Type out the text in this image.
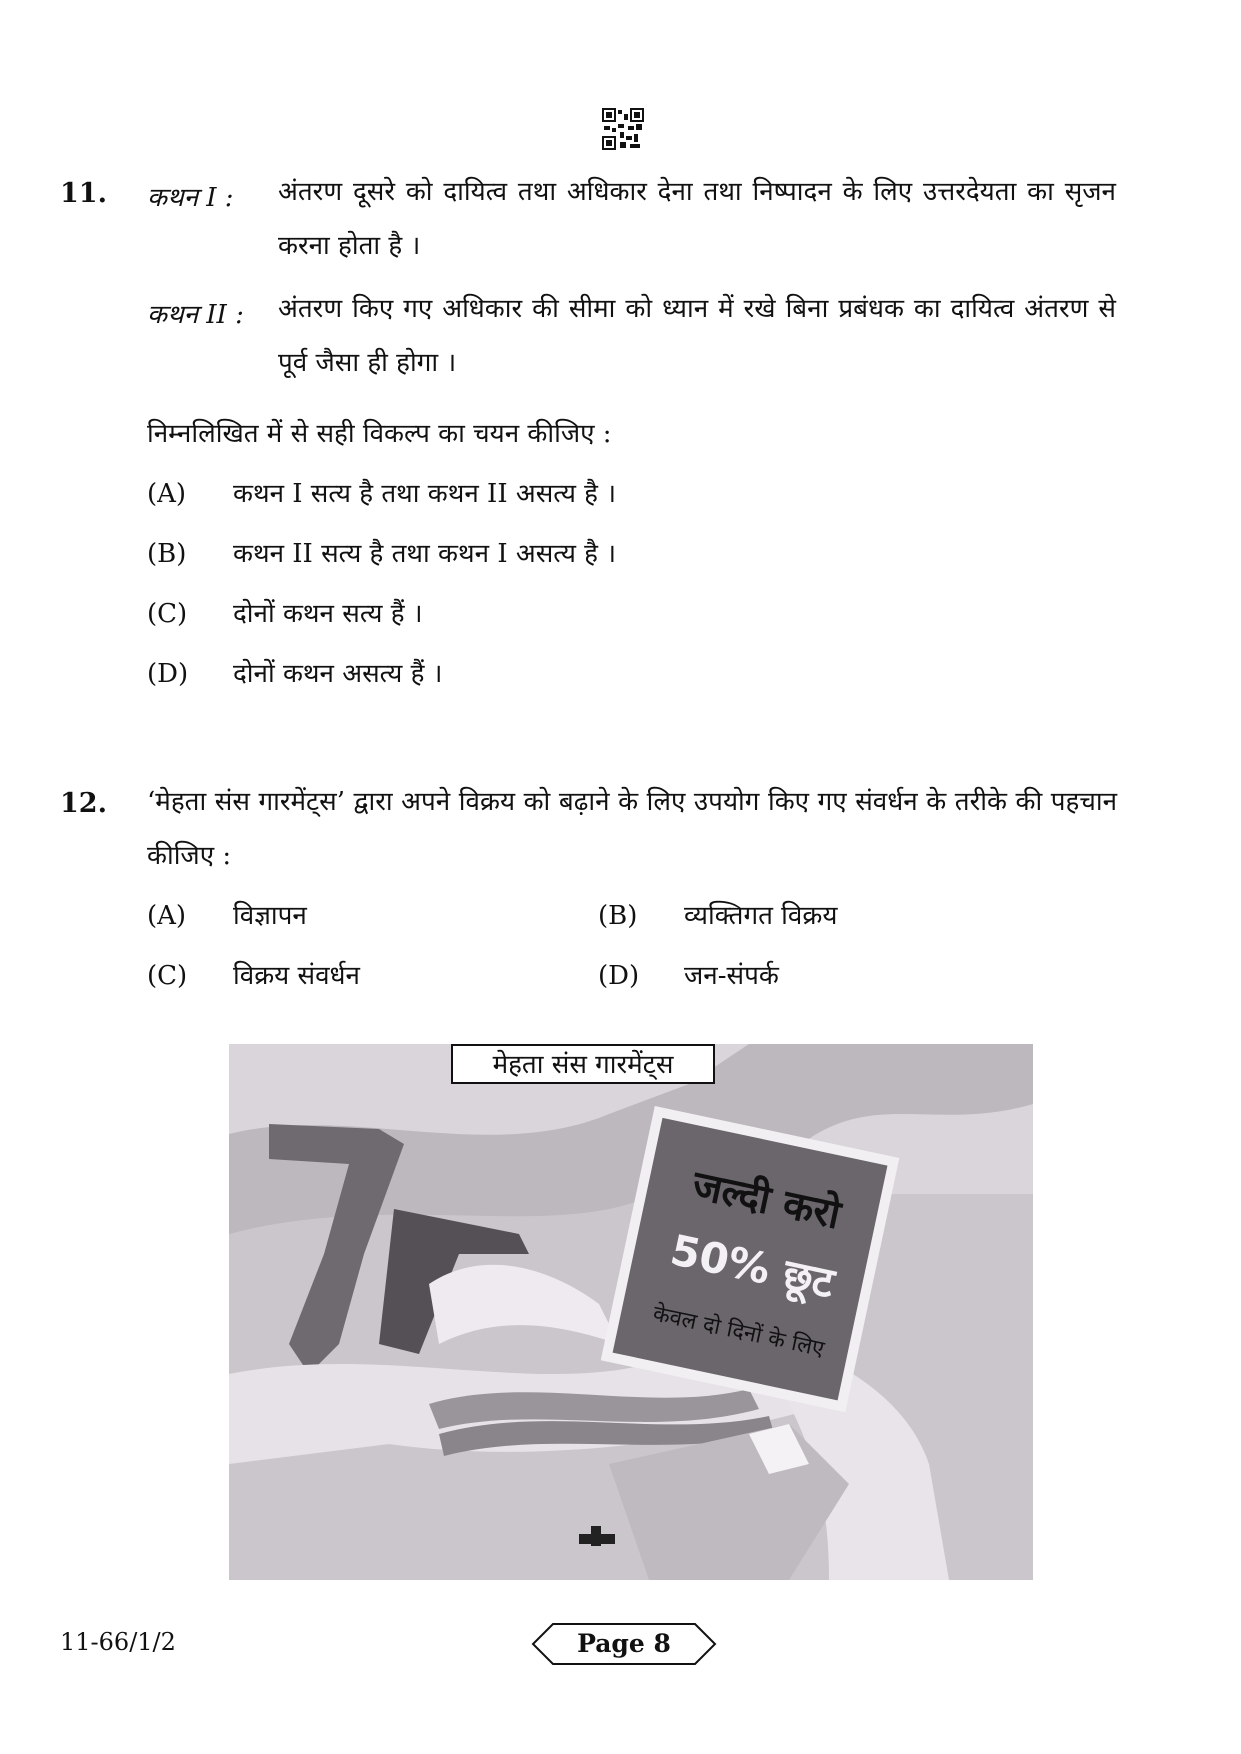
11. कथन I : अंतरण दूसरे को दायित्व तथा अधिकार देना तथा निष्पादन के लिए उत्तरदेयता का सृजन करना होता है ।
कथन II : अंतरण किए गए अधिकार की सीमा को ध्यान में रखे बिना प्रबंधक का दायित्व अंतरण से पूर्व जैसा ही होगा ।
निम्नलिखित में से सही विकल्प का चयन कीजिए :
(A) कथन I सत्य है तथा कथन II असत्य है ।
(B) कथन II सत्य है तथा कथन I असत्य है ।
(C) दोनों कथन सत्य हैं ।
(D) दोनों कथन असत्य हैं ।
12. ‘मेहता संस गारमेंट्स’ द्वारा अपने विक्रय को बढ़ाने के लिए उपयोग किए गए संवर्धन के तरीके की पहचान कीजिए :
(A) विज्ञापन	(B) व्यक्तिगत विक्रय
(C) विक्रय संवर्धन	(D) जन-संपर्क
मेहता संस गारमेंट्स
जल्दी करो
50% छूट
केवल दो दिनों के लिए
11-66/1/2	Page 8
